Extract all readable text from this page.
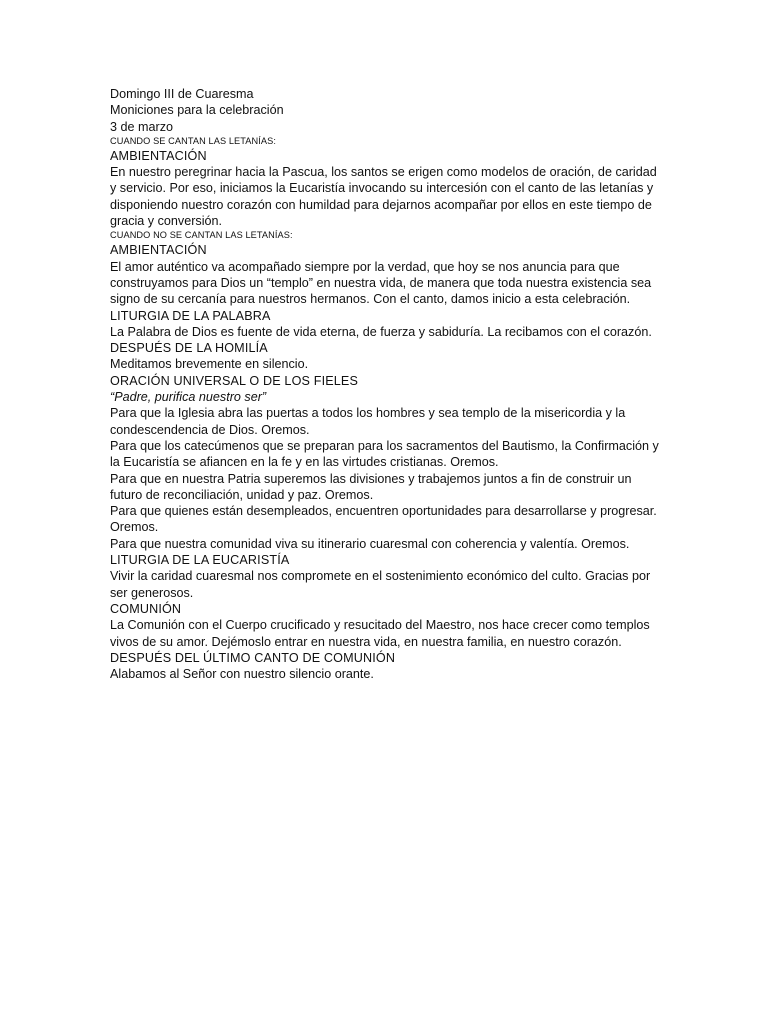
Domingo III de Cuaresma

Moniciones para la celebración

3 de marzo

CUANDO SE CANTAN LAS LETANÍAS:

AMBIENTACIÓN

En nuestro peregrinar hacia la Pascua, los santos se erigen como modelos de oración, de caridad y servicio. Por eso, iniciamos la Eucaristía invocando su intercesión con el canto de las letanías y disponiendo nuestro corazón con humildad para dejarnos acompañar por ellos en este tiempo de gracia y conversión.

CUANDO NO SE CANTAN LAS LETANÍAS:

AMBIENTACIÓN

El amor auténtico va acompañado siempre por la verdad, que hoy se nos anuncia para que construyamos para Dios un “templo” en nuestra vida, de manera que toda nuestra existencia sea signo de su cercanía para nuestros hermanos. Con el canto, damos inicio a esta celebración.

LITURGIA DE LA PALABRA

La Palabra de Dios es fuente de vida eterna, de fuerza y sabiduría. La recibamos con el corazón.

DESPUÉS DE LA HOMILÍA

Meditamos brevemente en silencio.

ORACIÓN UNIVERSAL O DE LOS FIELES

“Padre, purifica nuestro ser”

Para que la Iglesia abra las puertas a todos los hombres y sea templo de la misericordia y la condescendencia de Dios. Oremos.

Para que los catecúmenos que se preparan para los sacramentos del Bautismo, la Confirmación y la Eucaristía se afiancen en la fe y en las virtudes cristianas. Oremos.

Para que en nuestra Patria superemos las divisiones y trabajemos juntos a fin de construir un futuro de reconciliación, unidad y paz. Oremos.

Para que quienes están desempleados, encuentren oportunidades para desarrollarse y progresar. Oremos.

Para que nuestra comunidad viva su itinerario cuaresmal con coherencia y valentía. Oremos.

LITURGIA DE LA EUCARISTÍA

Vivir la caridad cuaresmal nos compromete en el sostenimiento económico del culto. Gracias por ser generosos.

COMUNIÓN

La Comunión con el Cuerpo crucificado y resucitado del Maestro, nos hace crecer como templos vivos de su amor. Dejémoslo entrar en nuestra vida, en nuestra familia, en nuestro corazón.

DESPUÉS DEL ÚLTIMO CANTO DE COMUNIÓN

Alabamos al Señor con nuestro silencio orante.
